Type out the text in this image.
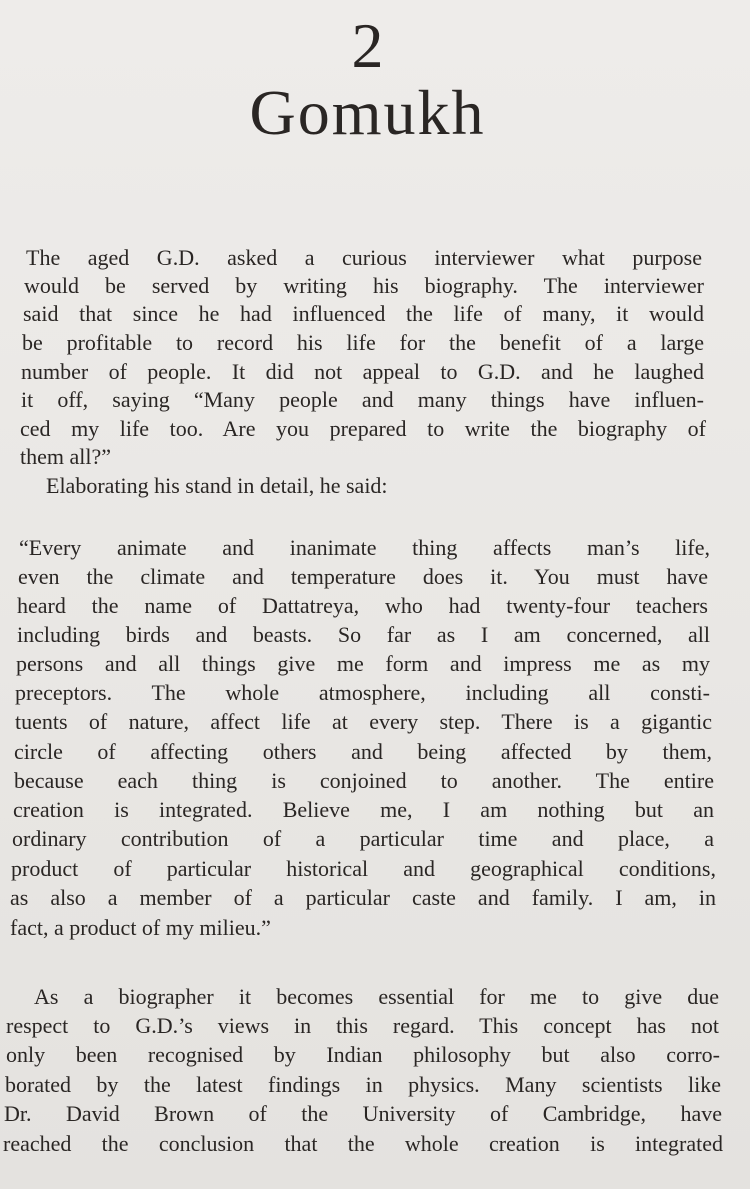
2
Gomukh
The aged G.D. asked a curious interviewer what purpose
would be served by writing his biography. The interviewer
said that since he had influenced the life of many, it would
be profitable to record his life for the benefit of a large
number of people. It did not appeal to G.D. and he laughed
it off, saying “Many people and many things have influen-
ced my life too. Are you prepared to write the biography of
them all?”
Elaborating his stand in detail, he said:
“Every animate and inanimate thing affects man’s life,
even the climate and temperature does it. You must have
heard the name of Dattatreya, who had twenty-four teachers
including birds and beasts. So far as I am concerned, all
persons and all things give me form and impress me as my
preceptors. The whole atmosphere, including all consti-
tuents of nature, affect life at every step. There is a gigantic
circle of affecting others and being affected by them,
because each thing is conjoined to another. The entire
creation is integrated. Believe me, I am nothing but an
ordinary contribution of a particular time and place, a
product of particular historical and geographical conditions,
as also a member of a particular caste and family. I am, in
fact, a product of my milieu.”
As a biographer it becomes essential for me to give due
respect to G.D.’s views in this regard. This concept has not
only been recognised by Indian philosophy but also corro-
borated by the latest findings in physics. Many scientists like
Dr. David Brown of the University of Cambridge, have
reached the conclusion that the whole creation is integrated
